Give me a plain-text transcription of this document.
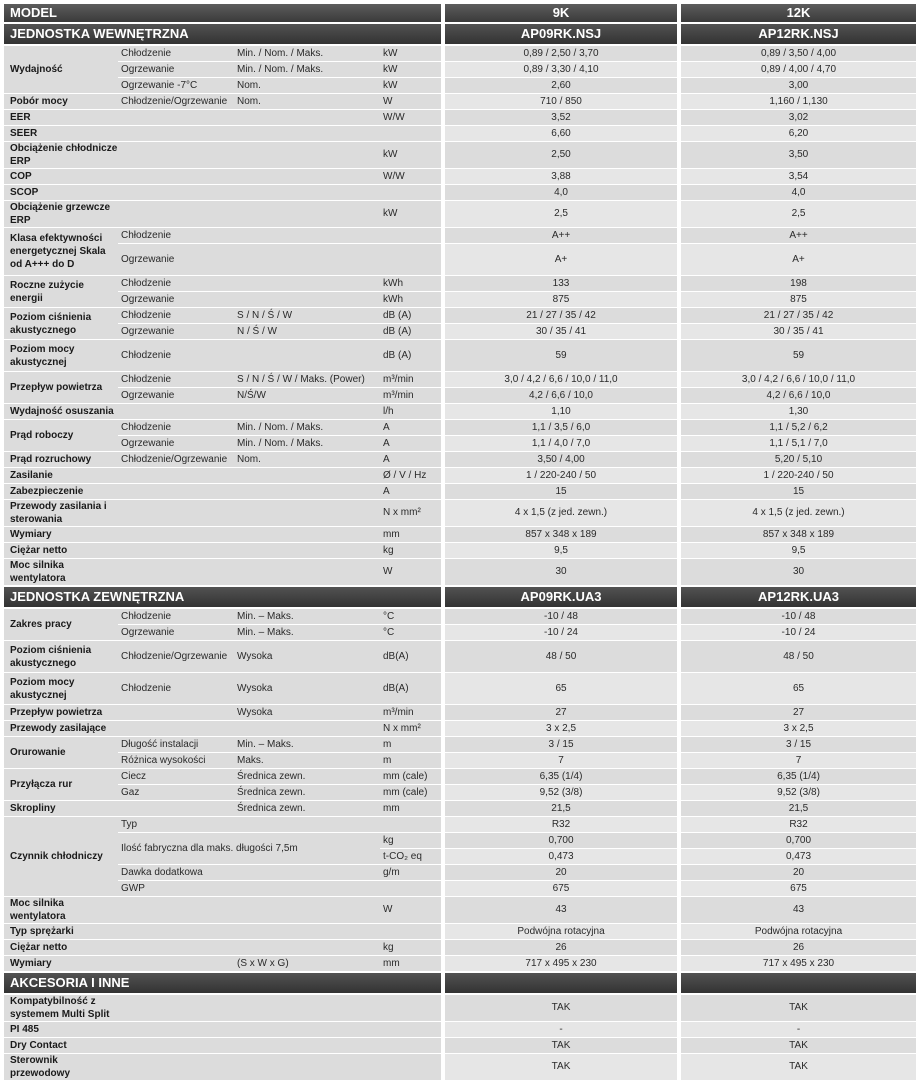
MODEL				9K	12K
JEDNOSTKA WEWNĘTRZNA				AP09RK.NSJ	AP12RK.NSJ
Wydajność	Chłodzenie	Min. / Nom. / Maks.	kW	0,89 / 2,50 / 3,70	0,89 / 3,50 / 4,00
	Ogrzewanie	Min. / Nom. / Maks.	kW	0,89 / 3,30 / 4,10	0,89 / 4,00 / 4,70
	Ogrzewanie -7°C	Nom.	kW	2,60	3,00
Pobór mocy	Chłodzenie/Ogrzewanie	Nom.	W	710 / 850	1,160 / 1,130
EER			W/W	3,52	3,02
SEER				6,60	6,20
Obciążenie chłodnicze ERP			kW	2,50	3,50
COP			W/W	3,88	3,54
SCOP				4,0	4,0
Obciążenie grzewcze ERP			kW	2,5	2,5
Klasa efektywności energetycznej Skala od A+++ do D	Chłodzenie			A++	A++
	Ogrzewanie			A+	A+
Roczne zużycie energii	Chłodzenie		kWh	133	198
	Ogrzewanie		kWh	875	875
Poziom ciśnienia akustycznego	Chłodzenie	S / N / Ś / W	dB (A)	21 / 27 / 35 / 42	21 / 27 / 35 / 42
	Ogrzewanie	N / Ś / W	dB (A)	30 / 35 / 41	30 / 35 / 41
Poziom mocy akustycznej	Chłodzenie		dB (A)	59	59
Przepływ powietrza	Chłodzenie	S / N / Ś / W / Maks. (Power)	m³/min	3,0 / 4,2 / 6,6 / 10,0 / 11,0	3,0 / 4,2 / 6,6 / 10,0 / 11,0
	Ogrzewanie	N/Ś/W	m³/min	4,2 / 6,6 / 10,0	4,2 / 6,6 / 10,0
Wydajność osuszania			l/h	1,10	1,30
Prąd roboczy	Chłodzenie	Min. / Nom. / Maks.	A	1,1 / 3,5 / 6,0	1,1 / 5,2 / 6,2
	Ogrzewanie	Min. / Nom. / Maks.	A	1,1 / 4,0 / 7,0	1,1 / 5,1 / 7,0
Prąd rozruchowy	Chłodzenie/Ogrzewanie	Nom.	A	3,50 / 4,00	5,20 / 5,10
Zasilanie			Ø / V / Hz	1 / 220-240 / 50	1 / 220-240 / 50
Zabezpieczenie			A	15	15
Przewody zasilania i sterowania			N x mm²	4 x 1,5 (z jed. zewn.)	4 x 1,5 (z jed. zewn.)
Wymiary			mm	857 x 348 x 189	857 x 348 x 189
Ciężar netto			kg	9,5	9,5
Moc silnika wentylatora			W	30	30
JEDNOSTKA ZEWNĘTRZNA				AP09RK.UA3	AP12RK.UA3
Zakres pracy	Chłodzenie	Min. – Maks.	°C	-10 / 48	-10 / 48
	Ogrzewanie	Min. – Maks.	°C	-10 / 24	-10 / 24
Poziom ciśnienia akustycznego	Chłodzenie/Ogrzewanie	Wysoka	dB(A)	48 / 50	48 / 50
Poziom mocy akustycznej	Chłodzenie	Wysoka	dB(A)	65	65
Przepływ powietrza		Wysoka	m³/min	27	27
Przewody zasilające			N x mm²	3 x 2,5	3 x 2,5
Orurowanie	Długość instalacji	Min. – Maks.	m	3 / 15	3 / 15
	Różnica wysokości	Maks.	m	7	7
Przyłącza rur	Ciecz	Średnica zewn.	mm (cale)	6,35 (1/4)	6,35 (1/4)
	Gaz	Średnica zewn.	mm (cale)	9,52 (3/8)	9,52 (3/8)
Skropliny		Średnica zewn.	mm	21,5	21,5
Czynnik chłodniczy	Typ			R32	R32
	Ilość fabryczna dla maks. długości 7,5m		kg	0,700	0,700
			t-CO₂ eq	0,473	0,473
	Dawka dodatkowa		g/m	20	20
	GWP			675	675
Moc silnika wentylatora			W	43	43
Typ sprężarki				Podwójna rotacyjna	Podwójna rotacyjna
Ciężar netto			kg	26	26
Wymiary		(S x W x G)	mm	717 x 495 x 230	717 x 495 x 230
AKCESORIA I INNE					
Kompatybilność z systemem Multi Split				TAK	TAK
PI 485				-	-
Dry Contact				TAK	TAK
Sterownik przewodowy				TAK	TAK
